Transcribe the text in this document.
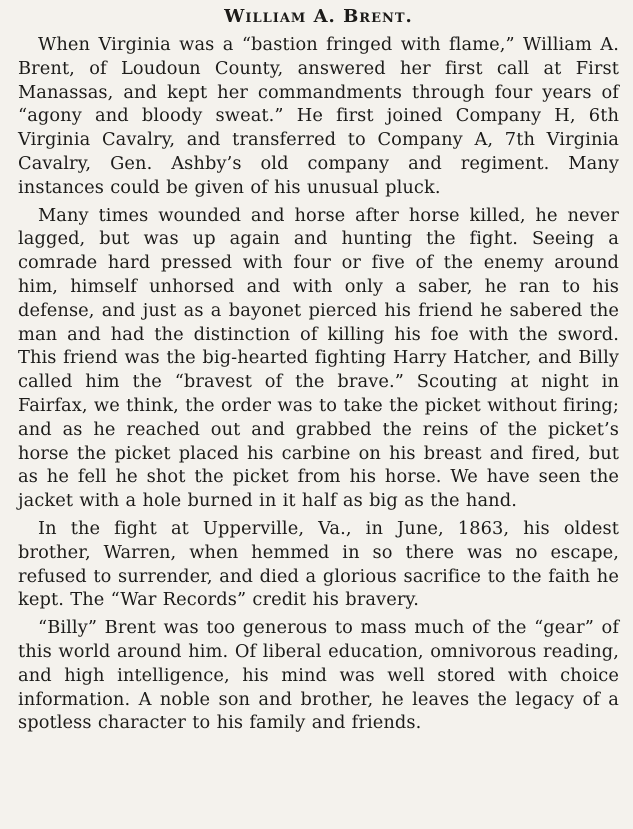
William A. Brent.

When Virginia was a “bastion fringed with flame,” William A. Brent, of Loudoun County, answered her first call at First Manassas, and kept her commandments through four years of “agony and bloody sweat.” He first joined Company H, 6th Virginia Cavalry, and transferred to Company A, 7th Virginia Cavalry, Gen. Ashby’s old company and regiment. Many instances could be given of his unusual pluck.

Many times wounded and horse after horse killed, he never lagged, but was up again and hunting the fight. Seeing a comrade hard pressed with four or five of the enemy around him, himself unhorsed and with only a saber, he ran to his defense, and just as a bayonet pierced his friend he sabered the man and had the distinction of killing his foe with the sword. This friend was the big-hearted fighting Harry Hatcher, and Billy called him the “bravest of the brave.” Scouting at night in Fairfax, we think, the order was to take the picket without firing; and as he reached out and grabbed the reins of the picket’s horse the picket placed his carbine on his breast and fired, but as he fell he shot the picket from his horse. We have seen the jacket with a hole burned in it half as big as the hand.

In the fight at Upperville, Va., in June, 1863, his oldest brother, Warren, when hemmed in so there was no escape, refused to surrender, and died a glorious sacrifice to the faith he kept. The “War Records” credit his bravery.

“Billy” Brent was too generous to mass much of the “gear” of this world around him. Of liberal education, omnivorous reading, and high intelligence, his mind was well stored with choice information. A noble son and brother, he leaves the legacy of a spotless character to his family and friends.
